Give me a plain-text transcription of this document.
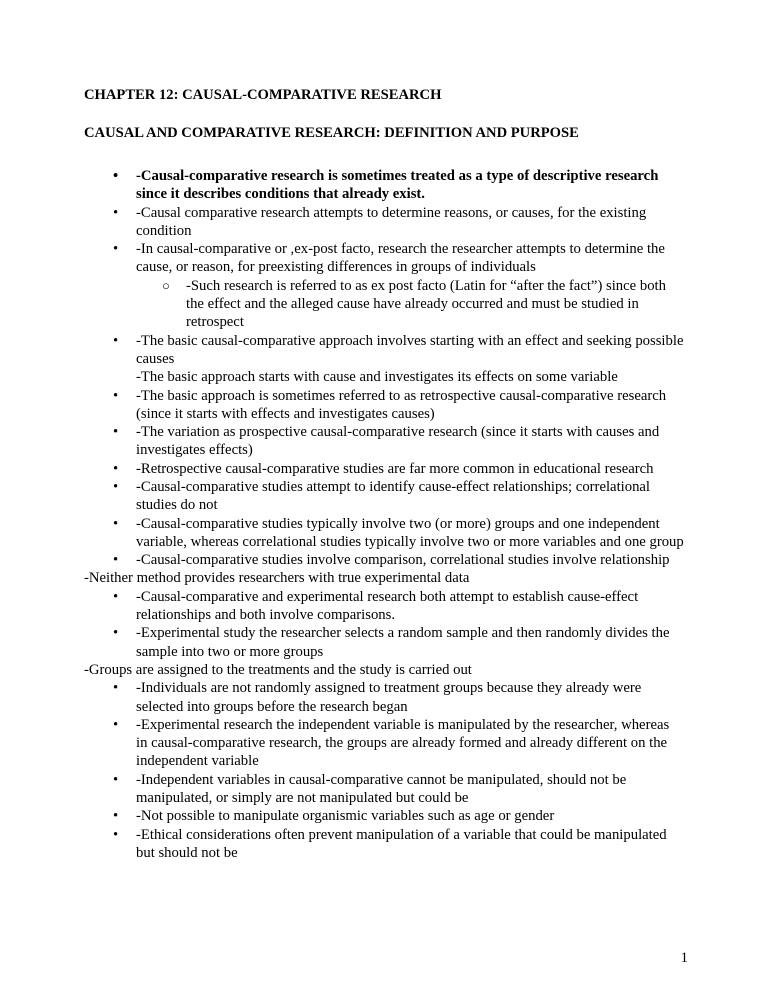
CHAPTER 12: CAUSAL-COMPARATIVE RESEARCH
CAUSAL AND COMPARATIVE RESEARCH: DEFINITION AND PURPOSE
•	-Causal-comparative research is sometimes treated as a type of descriptive research since it describes conditions that already exist.
•	-Causal comparative research attempts to determine reasons, or causes, for the existing condition
•	-In causal-comparative or ,ex-post facto, research the researcher attempts to determine the cause, or reason, for preexisting differences in groups of individuals
○ -Such research is referred to as ex post facto (Latin for “after the fact”) since both the effect and the alleged cause have already occurred and must be studied in retrospect
•	-The basic causal-comparative approach involves starting with an effect and seeking possible causes
-The basic approach starts with cause and investigates its effects on some variable
•	-The basic approach is sometimes referred to as retrospective causal-comparative research (since it starts with effects and investigates causes)
•	-The variation as prospective causal-comparative research (since it starts with causes and investigates effects)
•	-Retrospective causal-comparative studies are far more common in educational research
•	-Causal-comparative studies attempt to identify cause-effect relationships; correlational studies do not
•	-Causal-comparative studies typically involve two (or more) groups and one independent variable, whereas correlational studies typically involve two or more variables and one group
•	-Causal-comparative studies involve comparison, correlational studies involve relationship
-Neither method provides researchers with true experimental data
•	-Causal-comparative and experimental research both attempt to establish cause-effect relationships and both involve comparisons.
•	-Experimental study the researcher selects a random sample and then randomly divides the sample into two or more groups
-Groups are assigned to the treatments and the study is carried out
•	-Individuals are not randomly assigned to treatment groups because they already were selected into groups before the research began
•	-Experimental research the independent variable is manipulated by the researcher, whereas in causal-comparative research, the groups are already formed and already different on the independent variable
•	-Independent variables in causal-comparative cannot be manipulated, should not be manipulated, or simply are not manipulated but could be
•	-Not possible to manipulate organismic variables such as age or gender
•	-Ethical considerations often prevent manipulation of a variable that could be manipulated but should not be
1
